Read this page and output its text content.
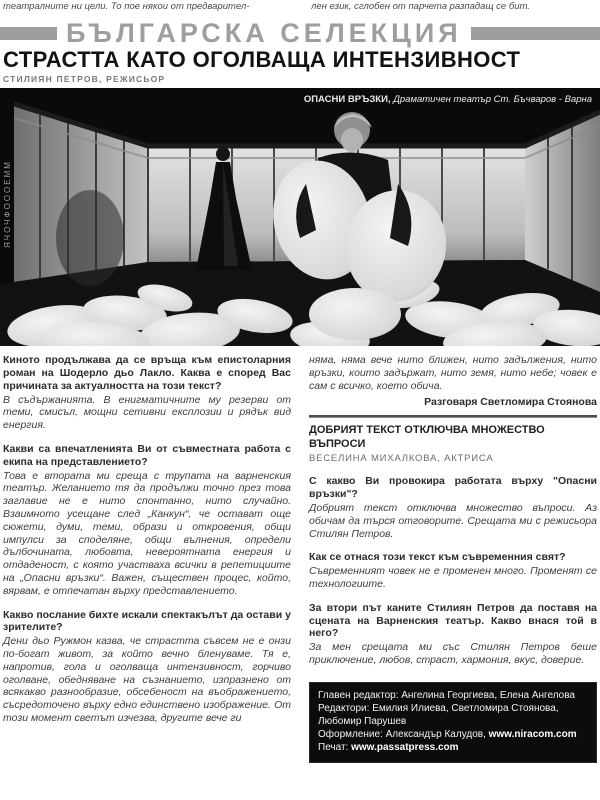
театралните ни цели. То пое някои от предварител-	лен език, сглобен от парчета разпадащ се бит.
БЪЛГАРСКА СЕЛЕКЦИЯ
СТРАСТТА КАТО ОГОЛВАЩА ИНТЕНЗИВНОСТ
СТИЛИЯН ПЕТРОВ, РЕЖИСЬОР
ОПАСНИ ВРЪЗКИ, Драматичен театър Ст. Бъчваров - Варна
ЯЧОЧФОООЕММ
Киното продължава да се връща към епистоларния роман на Шодерло дьо Лакло. Каква е според Вас причината за актуалността на този текст?
В съдържанията. В енигматичните му резерви от теми, смисъл, мощни сетивни експлозии и рядък вид енергия.
Какви са впечатленията Ви от съвместната работа с екипа на представлението?
Това е втората ми среща с трупата на варненския театър. Желанието тя да продължи точно през това заглавие не е нито спонтанно, нито случайно. Взаимното усещане след „Канкун“, че остават още сюжети, думи, теми, образи и откровения, общи импулси за споделяне, общи вълнения, определи дълбочината, любовта, невероятната енергия и отдаденост, с която участваха всички в репетициите на „Опасни връзки“. Важен, съществен процес, който, вярвам, е отпечатан върху представлението.
Какво послание бихте искали спектакълът да остави у зрителите?
Дени дьо Ружмон казва, че страстта съвсем не е онзи по-богат живот, за който вечно бленуваме. Тя е, напротив, гола и оголваща интензивност, горчиво оголване, обедняване на съзнанието, изпразнено от всякакво разнообразие, обсебеност на въображението, съсредоточено върху едно единствено изображение. От този момент светът изчезва, другите вече ги
няма, няма вече нито ближен, нито задължения, нито връзки, които задържат, нито земя, нито небе; човек е сам с всичко, което обича.
Разговаря Светломира Стоянова
ДОБРИЯТ ТЕКСТ ОТКЛЮЧВА МНОЖЕСТВО ВЪПРОСИ
ВЕСЕЛИНА МИХАЛКОВА, АКТРИСА
С какво Ви провокира работата върху "Опасни връзки"?
Добрият текст отключва множество въпроси. Аз обичам да търся отговорите. Срещата ми с режисьора Стилян Петров.
Как се отнася този текст към съвременния свят?
Съвременният човек не е променен много. Променят се технологиите.
За втори път каните Стилиян Петров да поставя на сцената на Варненския театър. Какво внася той в него?
За мен срещата ми със Стилян Петров беше приключение, любов, страст, хармония, вкус, доверие.
Главен редактор: Ангелина Георгиева, Елена Ангелова
Редактори: Емилия Илиева, Светломира Стоянова, Любомир Парушев
Оформление: Александър Калудов, www.niracom.com
Печат: www.passatpress.com
